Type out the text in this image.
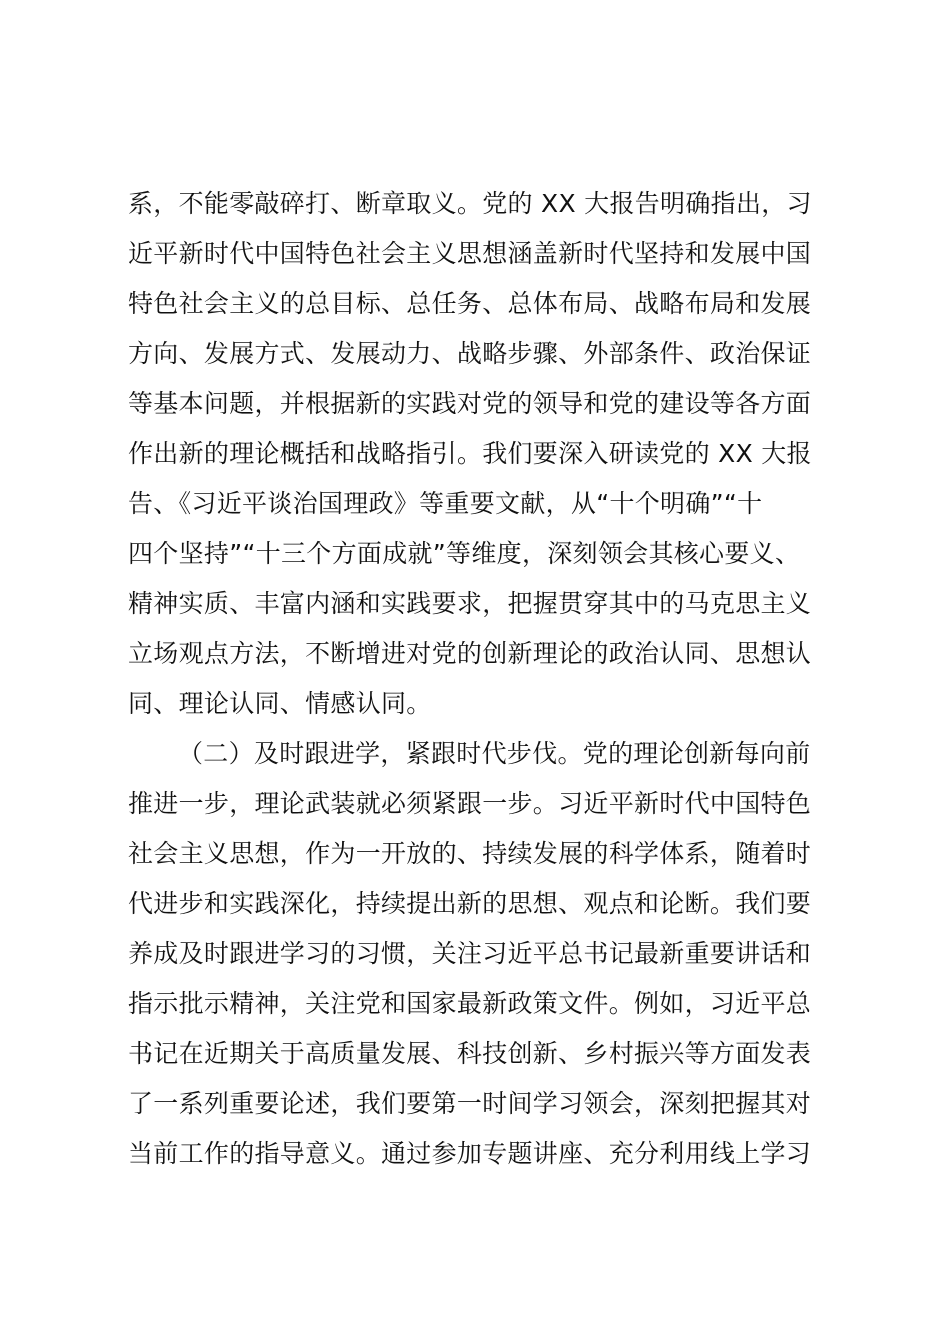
系，不能零敲碎打、断章取义。党的 XX 大报告明确指出，习
近平新时代中国特色社会主义思想涵盖新时代坚持和发展中国
特色社会主义的总目标、总任务、总体布局、战略布局和发展
方向、发展方式、发展动力、战略步骤、外部条件、政治保证
等基本问题，并根据新的实践对党的领导和党的建设等各方面
作出新的理论概括和战略指引。我们要深入研读党的 XX 大报
告、《习近平谈治国理政》等重要文献，从“十个明确”“十
四个坚持”“十三个方面成就”等维度，深刻领会其核心要义、
精神实质、丰富内涵和实践要求，把握贯穿其中的马克思主义
立场观点方法，不断增进对党的创新理论的政治认同、思想认
同、理论认同、情感认同。
（二）及时跟进学，紧跟时代步伐。党的理论创新每向前
推进一步，理论武装就必须紧跟一步。习近平新时代中国特色
社会主义思想，作为一开放的、持续发展的科学体系，随着时
代进步和实践深化，持续提出新的思想、观点和论断。我们要
养成及时跟进学习的习惯，关注习近平总书记最新重要讲话和
指示批示精神，关注党和国家最新政策文件。例如，习近平总
书记在近期关于高质量发展、科技创新、乡村振兴等方面发表
了一系列重要论述，我们要第一时间学习领会，深刻把握其对
当前工作的指导意义。通过参加专题讲座、充分利用线上学习
